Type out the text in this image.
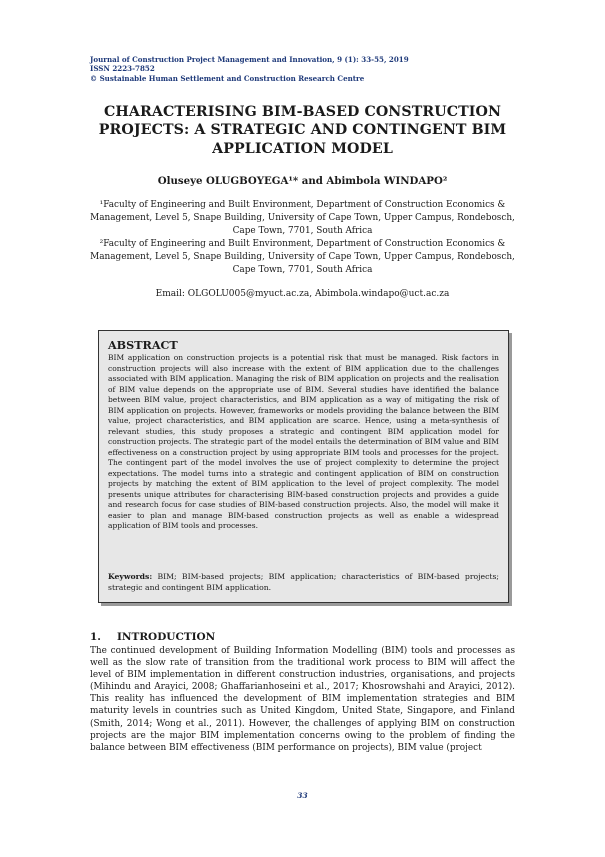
Journal of Construction Project Management and Innovation, 9 (1): 33-55, 2019
ISSN 2223-7852
© Sustainable Human Settlement and Construction Research Centre
CHARACTERISING BIM-BASED CONSTRUCTION PROJECTS: A STRATEGIC AND CONTINGENT BIM APPLICATION MODEL
Oluseye OLUGBOYEGA¹* and Abimbola WINDAPO²
¹Faculty of Engineering and Built Environment, Department of Construction Economics & Management, Level 5, Snape Building, University of Cape Town, Upper Campus, Rondebosch, Cape Town, 7701, South Africa
²Faculty of Engineering and Built Environment, Department of Construction Economics & Management, Level 5, Snape Building, University of Cape Town, Upper Campus, Rondebosch, Cape Town, 7701, South Africa
Email: OLGOLU005@myuct.ac.za, Abimbola.windapo@uct.ac.za
ABSTRACT
BIM application on construction projects is a potential risk that must be managed. Risk factors in construction projects will also increase with the extent of BIM application due to the challenges associated with BIM application. Managing the risk of BIM application on projects and the realisation of BIM value depends on the appropriate use of BIM. Several studies have identified the balance between BIM value, project characteristics, and BIM application as a way of mitigating the risk of BIM application on projects. However, frameworks or models providing the balance between the BIM value, project characteristics, and BIM application are scarce. Hence, using a meta-synthesis of relevant studies, this study proposes a strategic and contingent BIM application model for construction projects. The strategic part of the model entails the determination of BIM value and BIM effectiveness on a construction project by using appropriate BIM tools and processes for the project. The contingent part of the model involves the use of project complexity to determine the project expectations. The model turns into a strategic and contingent application of BIM on construction projects by matching the extent of BIM application to the level of project complexity. The model presents unique attributes for characterising BIM-based construction projects and provides a guide and research focus for case studies of BIM-based construction projects. Also, the model will make it easier to plan and manage BIM-based construction projects as well as enable a widespread application of BIM tools and processes.
Keywords: BIM; BIM-based projects; BIM application; characteristics of BIM-based projects; strategic and contingent BIM application.
1. INTRODUCTION
The continued development of Building Information Modelling (BIM) tools and processes as well as the slow rate of transition from the traditional work process to BIM will affect the level of BIM implementation in different construction industries, organisations, and projects (Mihindu and Arayici, 2008; Ghaffarianhoseini et al., 2017; Khosrowshahi and Arayici, 2012). This reality has influenced the development of BIM implementation strategies and BIM maturity levels in countries such as United Kingdom, United State, Singapore, and Finland (Smith, 2014; Wong et al., 2011). However, the challenges of applying BIM on construction projects are the major BIM implementation concerns owing to the problem of finding the balance between BIM effectiveness (BIM performance on projects), BIM value (project
33
